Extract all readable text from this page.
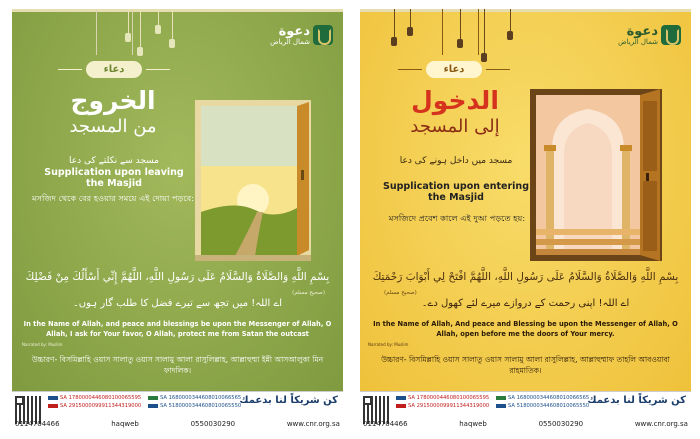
دعوة
شمال الرياض
دعاء
الخروج
من المسجد
مسجد سے نکلتے کی دعا
Supplication upon leaving the Masjid
মসজিদ থেকে বের হওয়ার সময়ে এই দোয়া পড়বে:
بِسْمِ اللَّهِ وَالصَّلَاةُ وَالسَّلَامُ عَلَى رَسُولِ اللَّهِ، اللَّهُمَّ إِنِّي أَسْأَلُكَ مِنْ فَضْلِكَ
(صحيح مسلم)
اے اللہ! میں تجھ سے تیرے فضل کا طلب گار ہوں۔
In the Name of Allah, and peace and blessings be upon the Messenger of Allah, O Allah, I ask for Your favor, O Allah, protect me from Satan the outcast
Narrated by: Muslim
উচ্চারণ- বিসমিল্লাহি ওয়াস সালাতু ওয়াস সালামু আলা রাসুলিল্লাহ, আল্লাহুম্মা ইন্নী আসআলুকা মিন ফাদলিক।
SA 1780000446080100065595	SA 1680000344608010066565
SA 2915000099911344319000	SA 5180000344608010065550
كن شريكاً لنا بدعمك
0114704466	haqweb	0550030290	www.cnr.org.sa
دعوة
شمال الرياض
دعاء
الدخول
إلى المسجد
مسجد میں داخل ہونے کی دعا
Supplication upon entering the Masjid
মসজিদে প্রবেশ কালে এই দুআ পড়তে হয়:
بِسْمِ اللَّهِ وَالصَّلَاةُ وَالسَّلَامُ عَلَى رَسُولِ اللَّهِ، اللَّهُمَّ افْتَحْ لِي أَبْوَابَ رَحْمَتِكَ
(صحيح مسلم)
اے اللہ! اپنی رحمت کے دروازے میرے لئے کھول دے۔
In the Name of Allah, And peace and Blessing be upon the Messenger of Allah, O Allah, open before me the doors of Your mercy.
Narrated by: Muslim
উচ্চারণ- বিসমিল্লাহি ওয়াস সালাতু ওয়াস সালামু আলা রাসুলিল্লাহ, আল্লাহুম্মাফ তাহলি আবওয়াবা রাহমাতিক।
SA 1780000446080100065595	SA 1680000344608010066565
SA 2915000099911344319000	SA 5180000344608010065550
كن شريكاً لنا بدعمك
0114704466	haqweb	0550030290	www.cnr.org.sa
